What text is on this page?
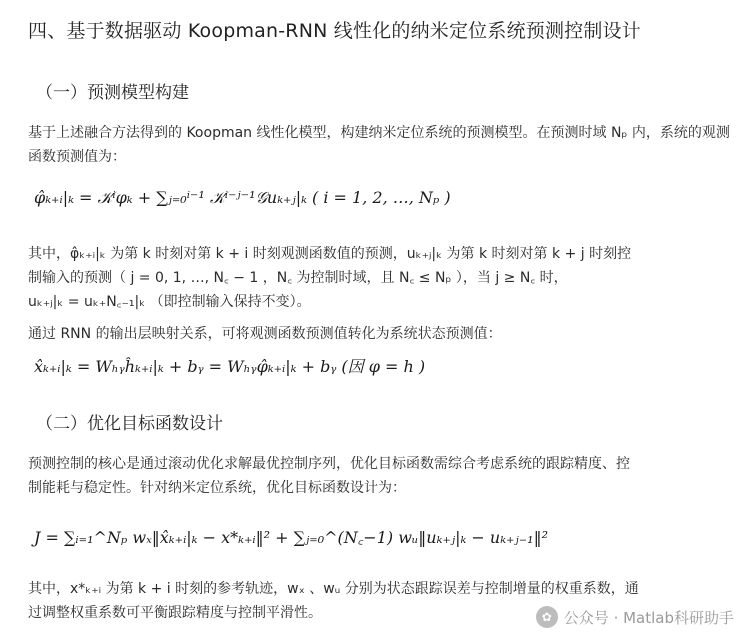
四、基于数据驱动 Koopman-RNN 线性化的纳米定位系统预测控制设计
（一）预测模型构建
基于上述融合方法得到的 Koopman 线性化模型，构建纳米定位系统的预测模型。在预测时域 Nₚ 内，系统的观测函数预测值为：
φ̂ₖ₊ᵢ|ₖ = 𝒦ⁱφₖ + ∑ⱼ₌₀ⁱ⁻¹ 𝒦ⁱ⁻ʲ⁻¹𝒢uₖ₊ⱼ|ₖ ( i = 1, 2, …, Nₚ )
其中，φ̂ₖ₊ᵢ|ₖ 为第 k 时刻对第 k + i 时刻观测函数值的预测，uₖ₊ⱼ|ₖ 为第 k 时刻对第 k + j 时刻控
制输入的预测（ j = 0, 1, …, N꜀ − 1 ，N꜀ 为控制时域，且 N꜀ ≤ Nₚ ），当 j ≥ N꜀ 时，
uₖ₊ⱼ|ₖ = uₖ₊N꜀₋₁|ₖ （即控制输入保持不变）。
通过 RNN 的输出层映射关系，可将观测函数预测值转化为系统状态预测值：
x̂ₖ₊ᵢ|ₖ = Wₕᵧĥₖ₊ᵢ|ₖ + bᵧ = Wₕᵧφ̂ₖ₊ᵢ|ₖ + bᵧ (因 φ = h )
（二）优化目标函数设计
预测控制的核心是通过滚动优化求解最优控制序列，优化目标函数需综合考虑系统的跟踪精度、控
制能耗与稳定性。针对纳米定位系统，优化目标函数设计为：
J = ∑ᵢ₌₁^Nₚ wₓ‖x̂ₖ₊ᵢ|ₖ − x*ₖ₊ᵢ‖² + ∑ⱼ₌₀^(N꜀−1) wᵤ‖uₖ₊ⱼ|ₖ − uₖ₊ⱼ₋₁‖²
其中，x*ₖ₊ᵢ 为第 k + i 时刻的参考轨迹，wₓ 、wᵤ 分别为状态跟踪误差与控制增量的权重系数，通
过调整权重系数可平衡跟踪精度与控制平滑性。	✿ 公众号 · Matlab科研助手
